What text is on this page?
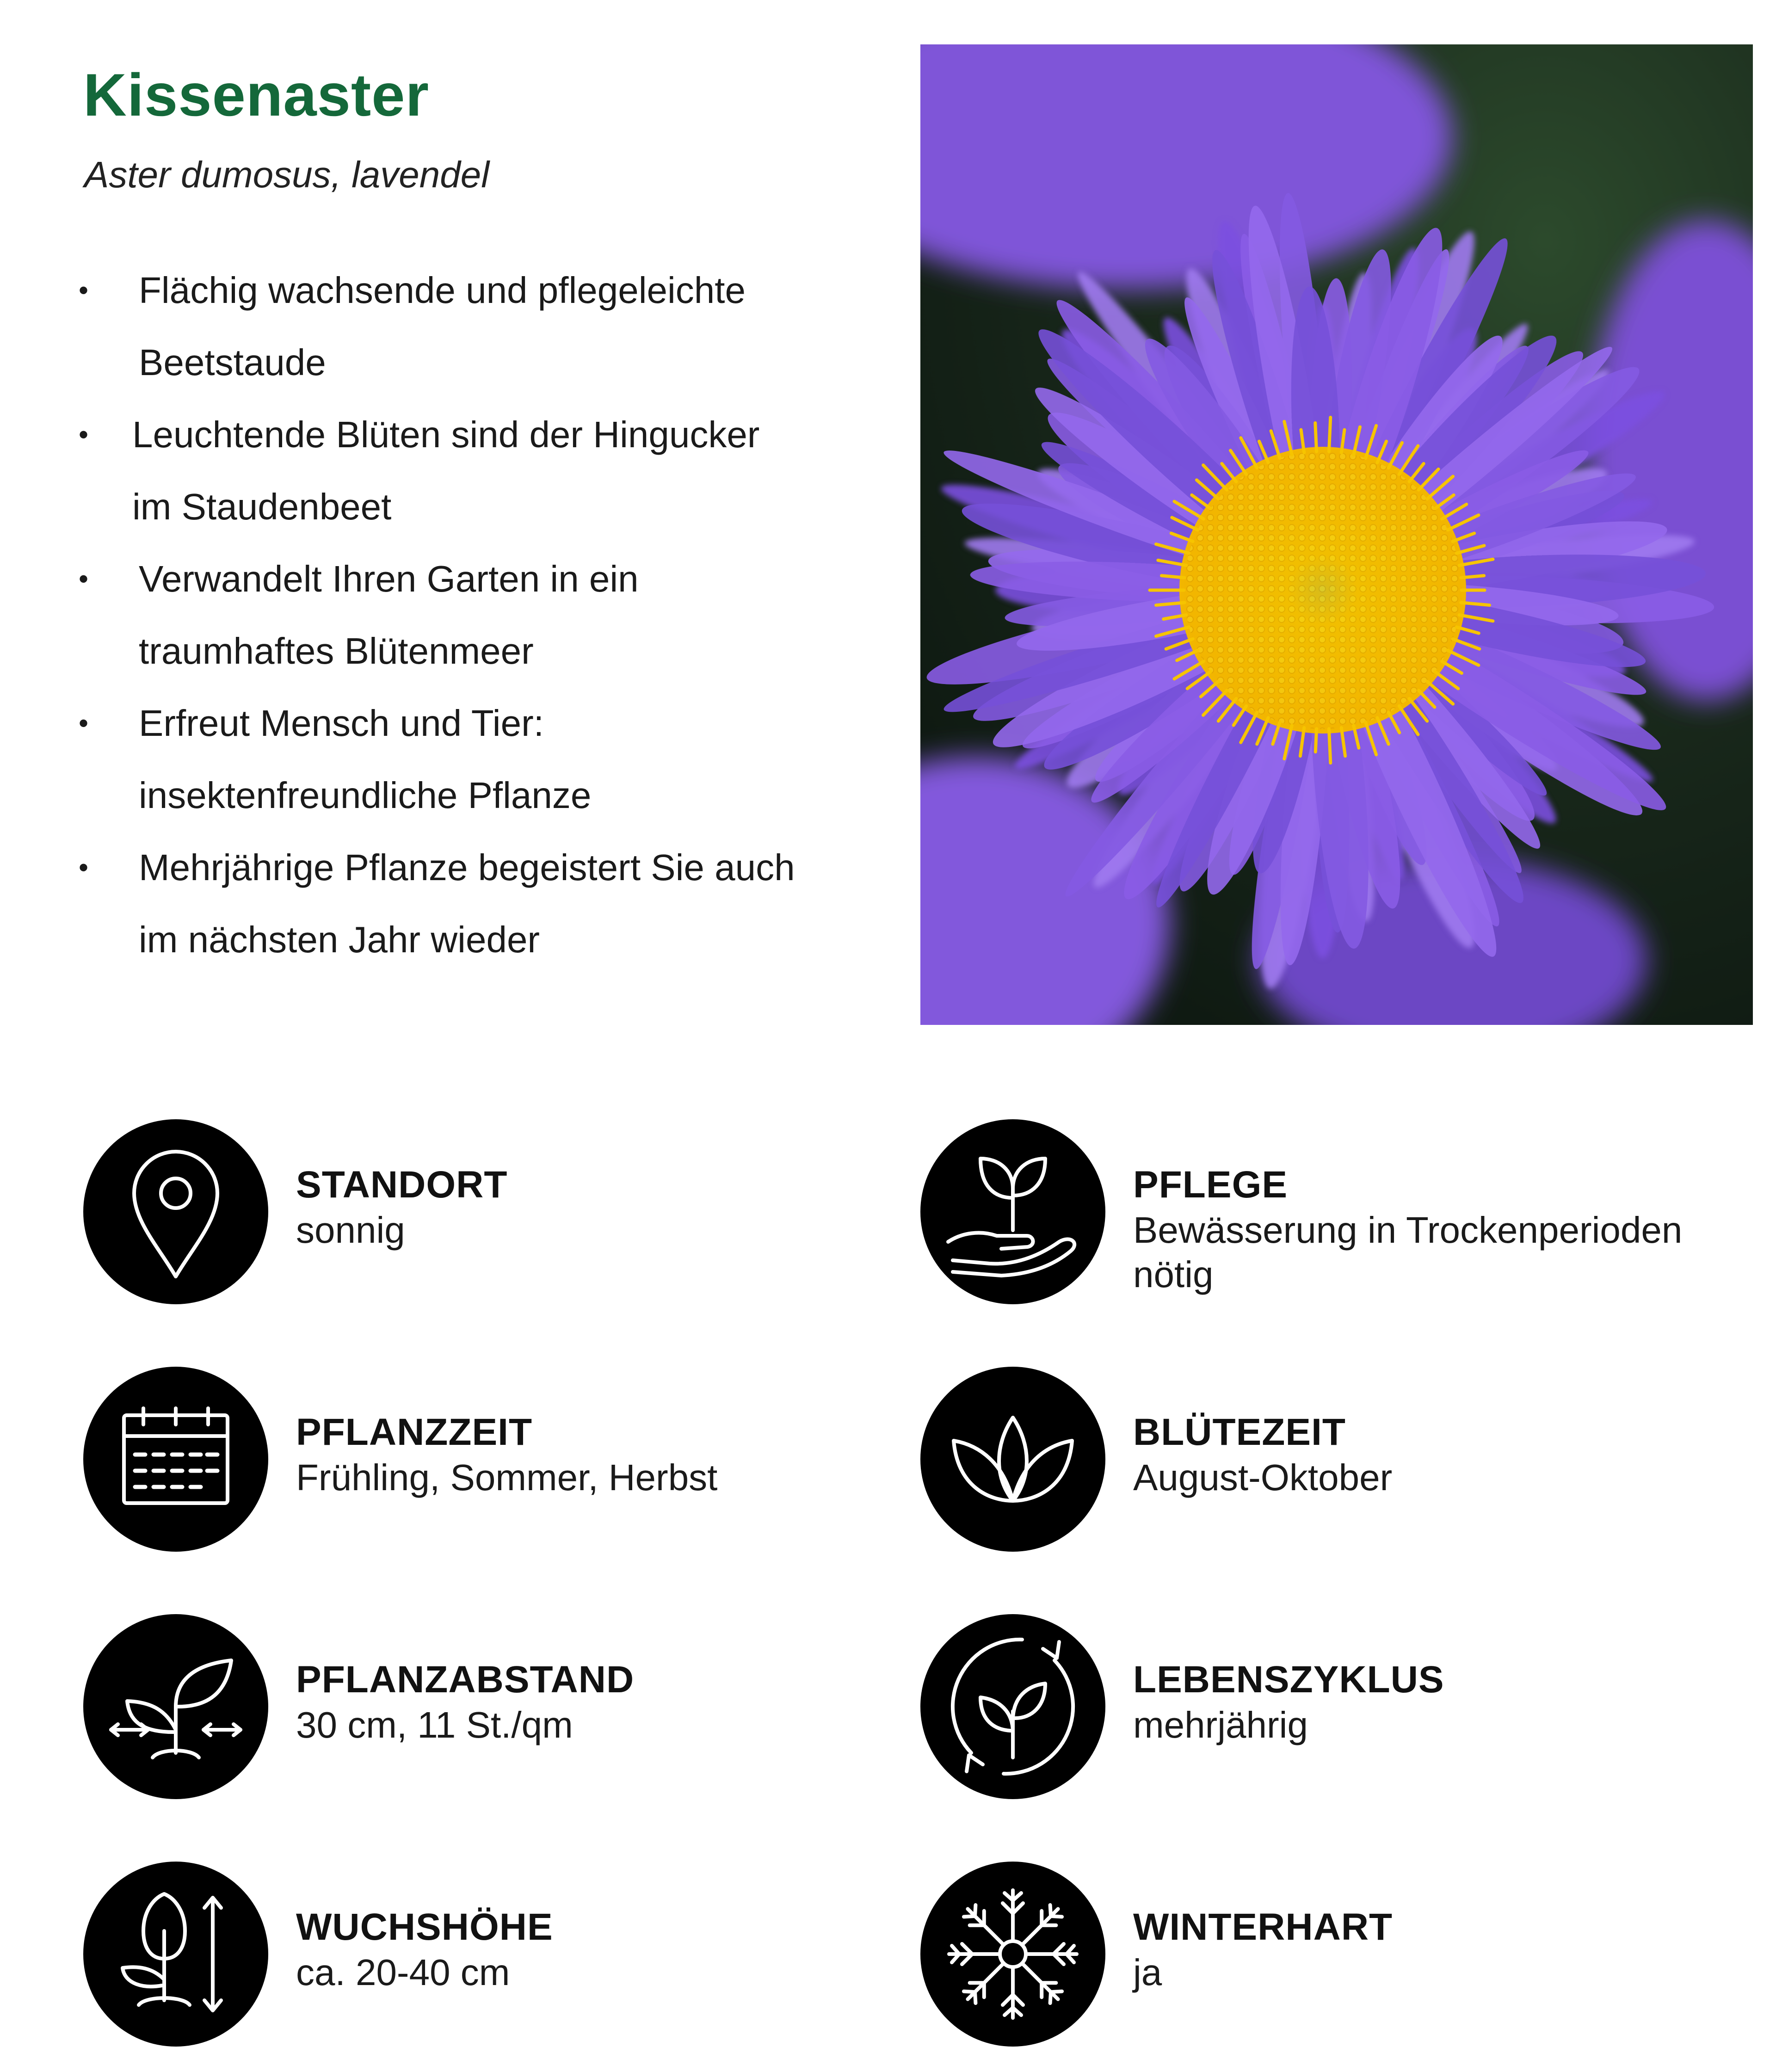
Kissenaster

Aster dumosus, lavendel

• Flächig wachsende und pflegeleichte
Beetstaude
• Leuchtende Blüten sind der Hingucker
im Staudenbeet
• Verwandelt Ihren Garten in ein
traumhaftes Blütenmeer
• Erfreut Mensch und Tier:
insektenfreundliche Pflanze
• Mehrjährige Pflanze begeistert Sie auch
im nächsten Jahr wieder
STANDORT
sonnig
PFLEGE
Bewässerung in Trockenperioden
nötig
PFLANZZEIT
Frühling, Sommer, Herbst
BLÜTEZEIT
August-Oktober
PFLANZABSTAND
30 cm, 11 St./qm
LEBENSZYKLUS
mehrjährig
WUCHSHÖHE
ca. 20-40 cm
WINTERHART
ja
